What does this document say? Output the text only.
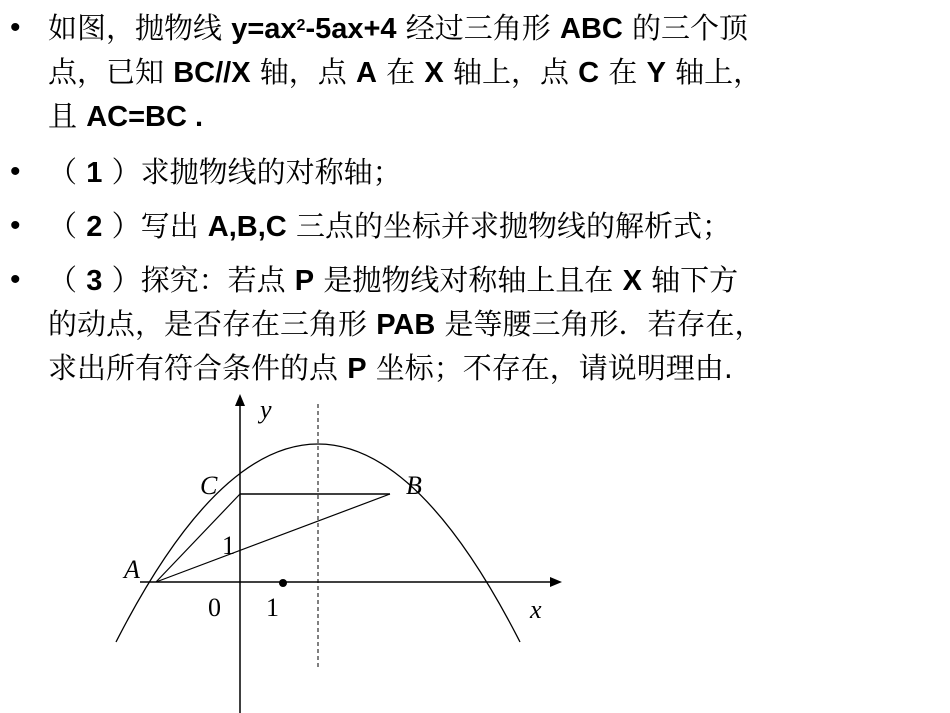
• 如图，抛物线 $y=ax^2-5ax+4$ 经过三角形 ABC 的三个顶
点，已知 BC//X 轴，点 A 在 X 轴上，点 C 在 Y 轴上，
且 AC=BC .
• （ 1 ）求抛物线的对称轴；
• （ 2 ）写出 A,B,C 三点的坐标并求抛物线的解析式；
• （ 3 ）探究：若点 P 是抛物线对称轴上且在 X 轴下方
的动点，是否存在三角形 PAB 是等腰三角形．若存在，
求出所有符合条件的点 P 坐标；不存在，请说明理由.
y
x
C	B
A
0
1
1
